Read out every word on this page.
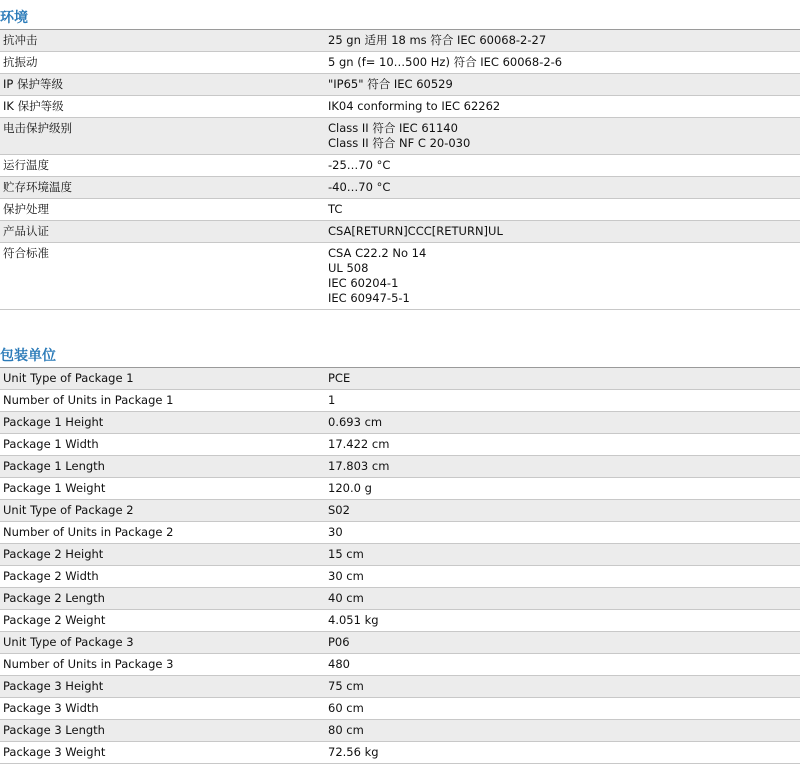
环境
抗冲击	25 gn 适用 18 ms 符合 IEC 60068-2-27
抗振动	5 gn (f= 10…500 Hz) 符合 IEC 60068-2-6
IP 保护等级	"IP65" 符合 IEC 60529
IK 保护等级	IK04 conforming to IEC 62262
电击保护级别	Class II 符合 IEC 61140
Class II 符合 NF C 20-030
运行温度	-25…70 °C
贮存环境温度	-40…70 °C
保护处理	TC
产品认证	CSA[RETURN]CCC[RETURN]UL
符合标准	CSA C22.2 No 14
UL 508
IEC 60204-1
IEC 60947-5-1
包装单位
Unit Type of Package 1	PCE
Number of Units in Package 1	1
Package 1 Height	0.693 cm
Package 1 Width	17.422 cm
Package 1 Length	17.803 cm
Package 1 Weight	120.0 g
Unit Type of Package 2	S02
Number of Units in Package 2	30
Package 2 Height	15 cm
Package 2 Width	30 cm
Package 2 Length	40 cm
Package 2 Weight	4.051 kg
Unit Type of Package 3	P06
Number of Units in Package 3	480
Package 3 Height	75 cm
Package 3 Width	60 cm
Package 3 Length	80 cm
Package 3 Weight	72.56 kg
